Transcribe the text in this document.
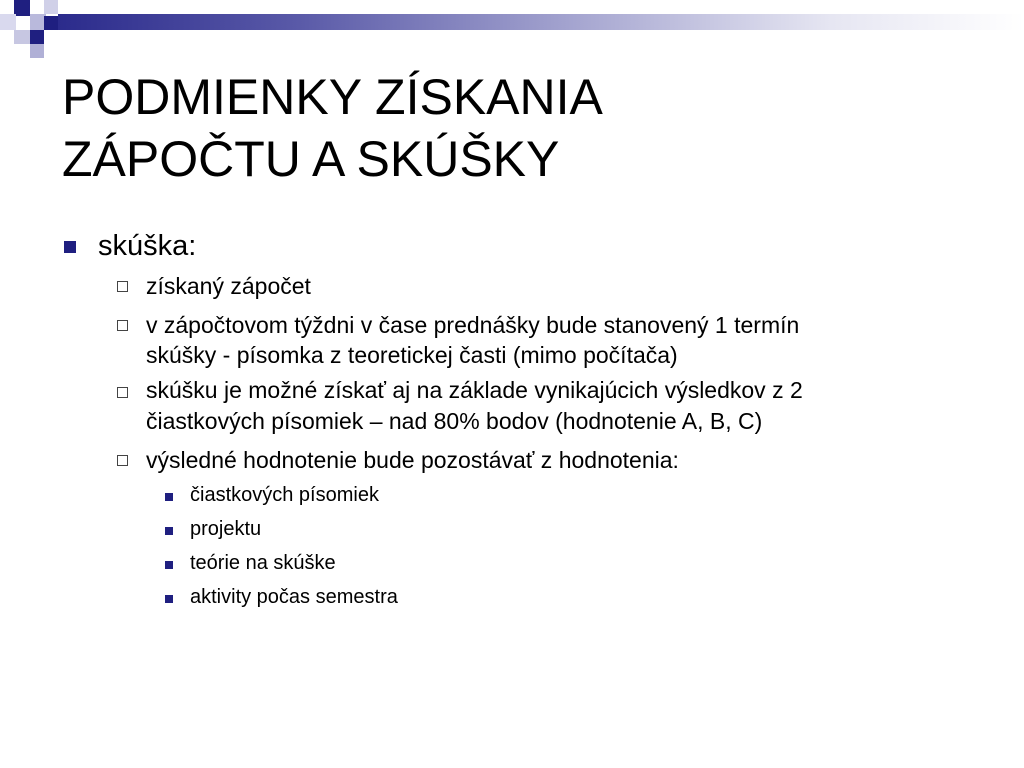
PODMIENKY ZÍSKANIA
ZÁPOČTU A SKÚŠKY
skúška:
získaný zápočet
v zápočtovom týždni v čase prednášky bude stanovený 1 termín
skúšky - písomka z teoretickej časti (mimo počítača)
skúšku je možné získať aj na základe vynikajúcich výsledkov z 2
čiastkových písomiek – nad 80% bodov (hodnotenie A, B, C)
výsledné hodnotenie bude pozostávať z hodnotenia:
čiastkových písomiek
projektu
teórie na skúške
aktivity počas semestra
